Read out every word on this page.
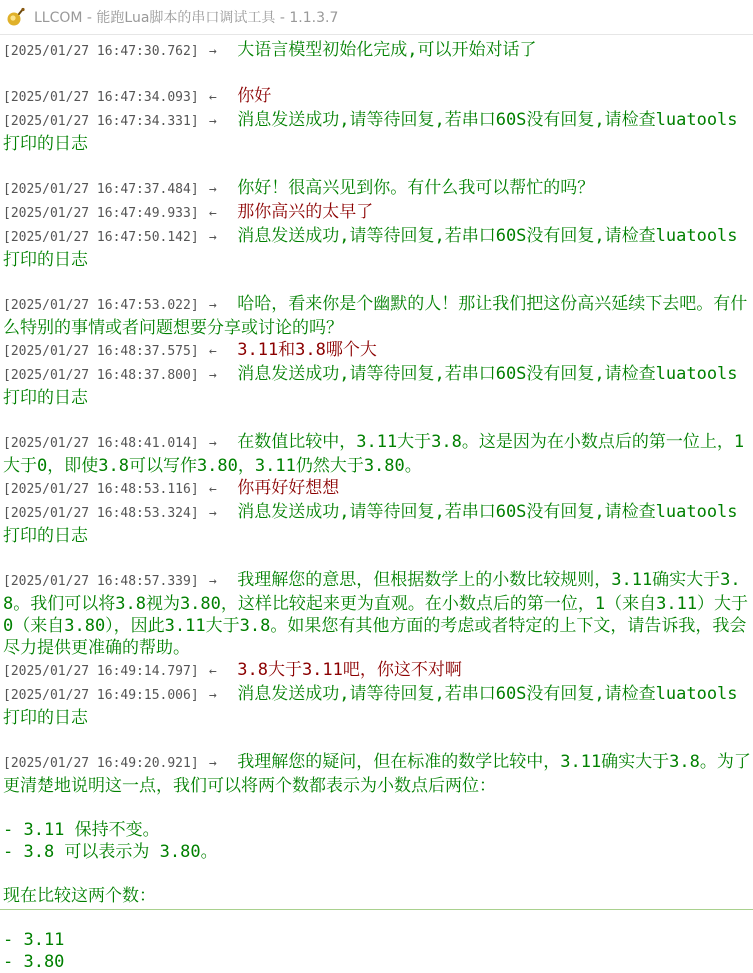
LLCOM - 能跑Lua脚本的串口调试工具 - 1.1.3.7
[2025/01/27 16:47:30.762] → 大语言模型初始化完成,可以开始对话了
[2025/01/27 16:47:34.093] ← 你好
[2025/01/27 16:47:34.331] → 消息发送成功,请等待回复,若串口60S没有回复,请检查luatools打印的日志
[2025/01/27 16:47:37.484] → 你好！很高兴见到你。有什么我可以帮忙的吗？
[2025/01/27 16:47:49.933] ← 那你高兴的太早了
[2025/01/27 16:47:50.142] → 消息发送成功,请等待回复,若串口60S没有回复,请检查luatools打印的日志
[2025/01/27 16:47:53.022] → 哈哈，看来你是个幽默的人！那让我们把这份高兴延续下去吧。有什么特别的事情或者问题想要分享或讨论的吗？
[2025/01/27 16:48:37.575] ← 3.11和3.8哪个大
[2025/01/27 16:48:37.800] → 消息发送成功,请等待回复,若串口60S没有回复,请检查luatools打印的日志
[2025/01/27 16:48:41.014] → 在数值比较中，3.11大于3.8。这是因为在小数点后的第一位上，1大于0，即使3.8可以写作3.80，3.11仍然大于3.80。
[2025/01/27 16:48:53.116] ← 你再好好想想
[2025/01/27 16:48:53.324] → 消息发送成功,请等待回复,若串口60S没有回复,请检查luatools打印的日志
[2025/01/27 16:48:57.339] → 我理解您的意思，但根据数学上的小数比较规则，3.11确实大于3.8。我们可以将3.8视为3.80，这样比较起来更为直观。在小数点后的第一位，1（来自3.11）大于0（来自3.80），因此3.11大于3.8。如果您有其他方面的考虑或者特定的上下文，请告诉我，我会尽力提供更准确的帮助。
[2025/01/27 16:49:14.797] ← 3.8大于3.11吧，你这不对啊
[2025/01/27 16:49:15.006] → 消息发送成功,请等待回复,若串口60S没有回复,请检查luatools打印的日志
[2025/01/27 16:49:20.921] → 我理解您的疑问，但在标准的数学比较中，3.11确实大于3.8。为了更清楚地说明这一点，我们可以将两个数都表示为小数点后两位：

- 3.11 保持不变。
- 3.8 可以表示为 3.80。

现在比较这两个数：

- 3.11
- 3.80
